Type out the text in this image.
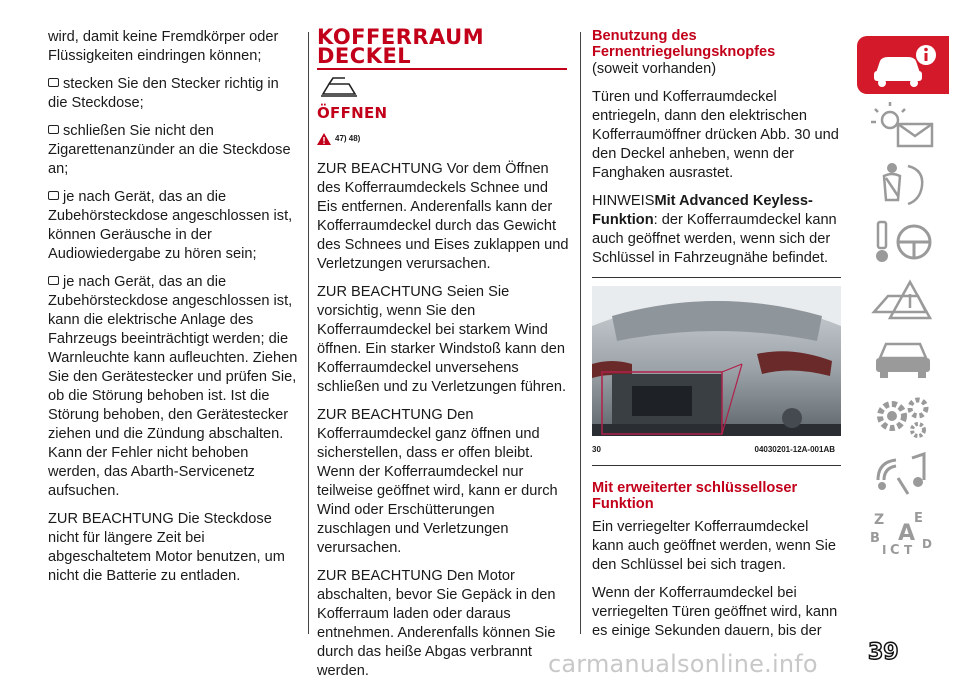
wird, damit keine Fremdkörper oder Flüssigkeiten eindringen können;

stecken Sie den Stecker richtig in die Steckdose;

schließen Sie nicht den Zigarettenanzünder an die Steckdose an;

je nach Gerät, das an die Zubehörsteckdose angeschlossen ist, können Geräusche in der Audiowiedergabe zu hören sein;

je nach Gerät, das an die Zubehörsteckdose angeschlossen ist, kann die elektrische Anlage des Fahrzeugs beeinträchtigt werden; die Warnleuchte kann aufleuchten. Ziehen Sie den Gerätestecker und prüfen Sie, ob die Störung behoben ist. Ist die Störung behoben, den Gerätestecker ziehen und die Zündung abschalten. Kann der Fehler nicht behoben werden, das Abarth-Servicenetz aufsuchen.

ZUR BEACHTUNG Die Steckdose nicht für längere Zeit bei abgeschaltetem Motor benutzen, um nicht die Batterie zu entladen.

KOFFERRAUM
DECKEL
ÖFFNEN
47) 48)

ZUR BEACHTUNG Vor dem Öffnen des Kofferraumdeckels Schnee und Eis entfernen. Anderenfalls kann der Kofferraumdeckel durch das Gewicht des Schnees und Eises zuklappen und Verletzungen verursachen.

ZUR BEACHTUNG Seien Sie vorsichtig, wenn Sie den Kofferraumdeckel bei starkem Wind öffnen. Ein starker Windstoß kann den Kofferraumdeckel unversehens schließen und zu Verletzungen führen.

ZUR BEACHTUNG Den Kofferraumdeckel ganz öffnen und sicherstellen, dass er offen bleibt. Wenn der Kofferraumdeckel nur teilweise geöffnet wird, kann er durch Wind oder Erschütterungen zuschlagen und Verletzungen verursachen.

ZUR BEACHTUNG Den Motor abschalten, bevor Sie Gepäck in den Kofferraum laden oder daraus entnehmen. Anderenfalls können Sie durch das heiße Abgas verbrannt werden.

Benutzung des
Fernentriegelungsknopfes

(soweit vorhanden)

Türen und Kofferraumdeckel entriegeln, dann den elektrischen Kofferraumöffner drücken Abb. 30 und den Deckel anheben, wenn der Fanghaken ausrastet.

HINWEISMit Advanced Keyless-Funktion: der Kofferraumdeckel kann auch geöffnet werden, wenn sich der Schlüssel in Fahrzeugnähe befindet.

30	04030201-12A-001AB
Mit erweiterter schlüsselloser
Funktion

Ein verriegelter Kofferraumdeckel kann auch geöffnet werden, wenn Sie den Schlüssel bei sich tragen.

Wenn der Kofferraumdeckel bei verriegelten Türen geöffnet wird, kann es einige Sekunden dauern, bis der

Z E
B A
I C T D
39
carmanualsonline.info
